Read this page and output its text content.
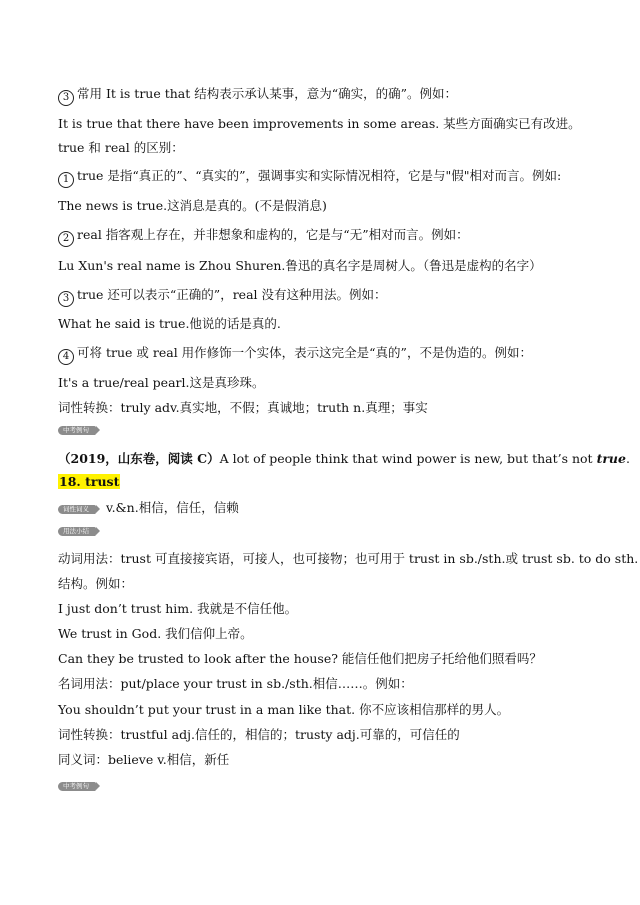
3 常用 It is true that 结构表示承认某事，意为“确实，的确”。例如：
It is true that there have been improvements in some areas. 某些方面确实已有改进。
true 和 real 的区别：
1 true 是指“真正的”、“真实的”，强调事实和实际情况相符，它是与"假"相对而言。例如:
The news is true.这消息是真的。(不是假消息)
2 real 指客观上存在，并非想象和虚构的，它是与“无”相对而言。例如：
Lu Xun's real name is Zhou Shuren.鲁迅的真名字是周树人。（鲁迅是虚构的名字）
3 true 还可以表示“正确的”，real 没有这种用法。例如：
What he said is true.他说的话是真的.
4 可将 true 或 real 用作修饰一个实体，表示这完全是“真的”，不是伪造的。例如：
It's a true/real pearl.这是真珍珠。
词性转换：truly adv.真实地，不假；真诚地；truth n.真理；事实
中考例句
（2019，山东卷，阅读 C）A lot of people think that wind power is new, but that’s not true.
18. trust
词性词义 v.&n.相信，信任，信赖
用法小结
动词用法：trust 可直接接宾语，可接人，也可接物；也可用于 trust in sb./sth.或 trust sb. to do sth.
结构。例如：
I just don’t trust him. 我就是不信任他。
We trust in God. 我们信仰上帝。
Can they be trusted to look after the house? 能信任他们把房子托给他们照看吗？
名词用法：put/place your trust in sb./sth.相信……。例如：
You shouldn’t put your trust in a man like that. 你不应该相信那样的男人。
词性转换：trustful adj.信任的，相信的；trusty adj.可靠的，可信任的
同义词：believe v.相信，新任
中考例句
